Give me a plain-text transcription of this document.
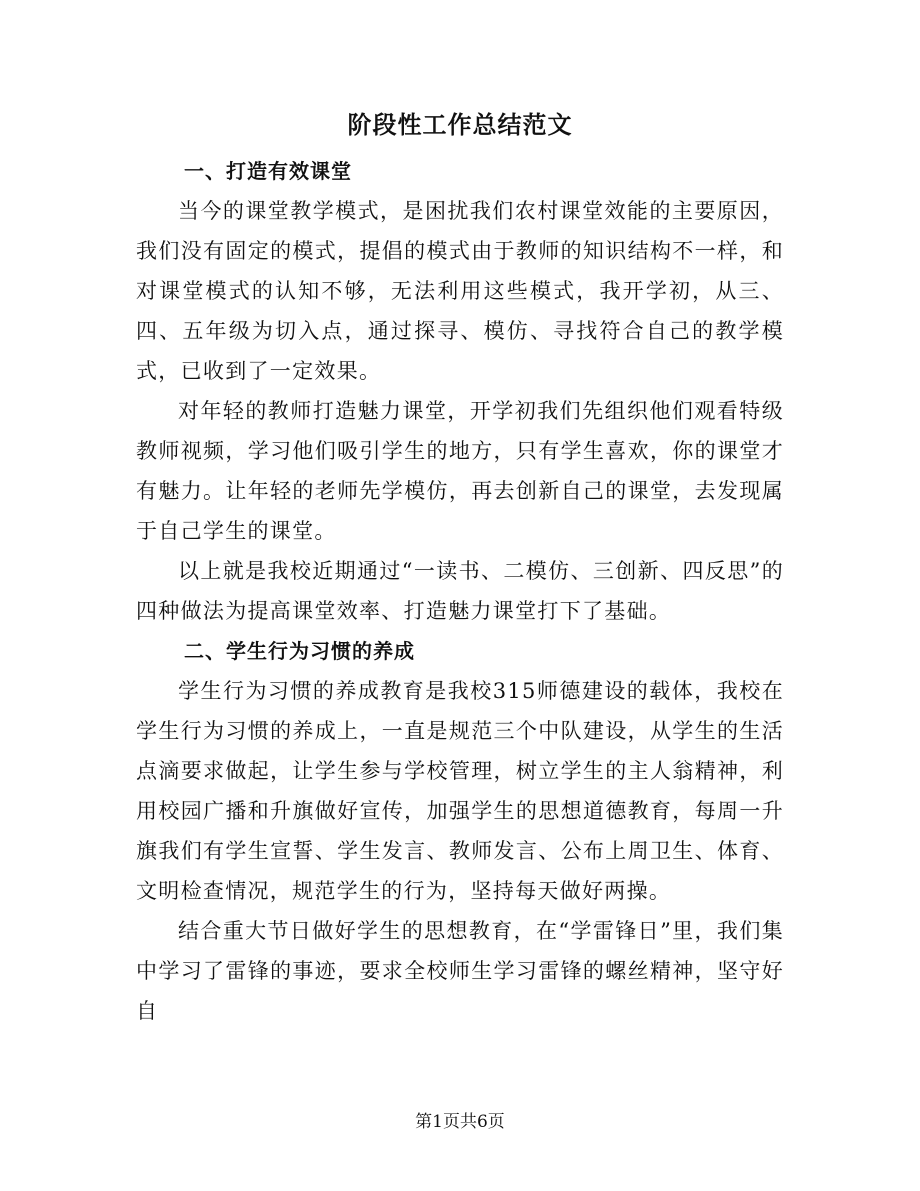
阶段性工作总结范文

一、打造有效课堂

当今的课堂教学模式，是困扰我们农村课堂效能的主要原因，我们没有固定的模式，提倡的模式由于教师的知识结构不一样，和对课堂模式的认知不够，无法利用这些模式，我开学初，从三、四、五年级为切入点，通过探寻、模仿、寻找符合自己的教学模式，已收到了一定效果。

对年轻的教师打造魅力课堂，开学初我们先组织他们观看特级教师视频，学习他们吸引学生的地方，只有学生喜欢，你的课堂才有魅力。让年轻的老师先学模仿，再去创新自己的课堂，去发现属于自己学生的课堂。

以上就是我校近期通过“一读书、二模仿、三创新、四反思”的四种做法为提高课堂效率、打造魅力课堂打下了基础。

二、学生行为习惯的养成

学生行为习惯的养成教育是我校315师德建设的载体，我校在学生行为习惯的养成上，一直是规范三个中队建设，从学生的生活点滴要求做起，让学生参与学校管理，树立学生的主人翁精神，利用校园广播和升旗做好宣传，加强学生的思想道德教育，每周一升旗我们有学生宣誓、学生发言、教师发言、公布上周卫生、体育、文明检查情况，规范学生的行为，坚持每天做好两操。

结合重大节日做好学生的思想教育，在“学雷锋日”里，我们集中学习了雷锋的事迹，要求全校师生学习雷锋的螺丝精神，坚守好自

第1页共6页
